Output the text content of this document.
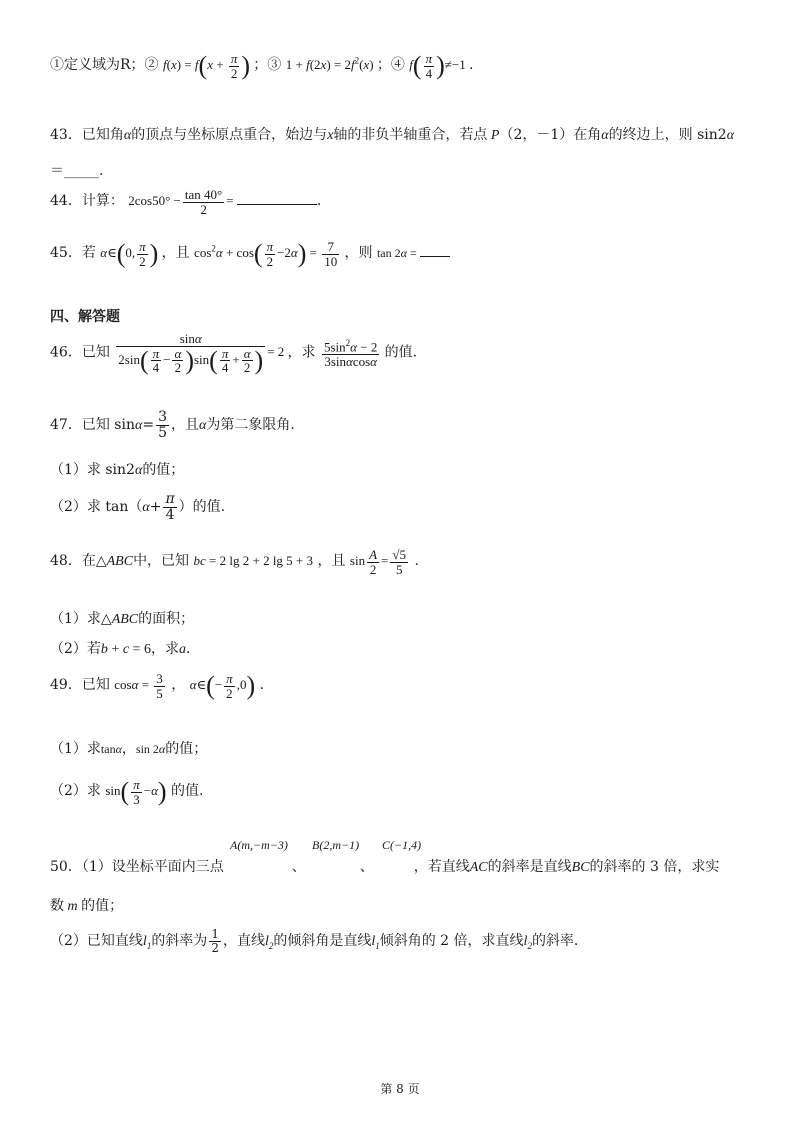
①定义域为R；② $f(x) = f(x + \frac{\pi}{2}$ ) ；③ $1 + f(2x) = 2f^2(x)$ ；④ $f( \frac{\pi}{4} )\ne-1$ .
43．已知角α的顶点与坐标原点重合，始边与x轴的非负半轴重合，若点 P（2，－1）在角α的终边上，则 sin2α
＝_____.
44．计算： $2\cos 50^\circ - \frac{\tan 40^\circ}{2}$ =	.
45．若 α∈(0, $\frac{\pi}{2}$ ) ，且 $\cos^2\alpha + \cos( \frac{\pi}{2} -2\alpha) = \frac{7}{10}$ ，则 tan 2α =
四、解答题
46．已知 $\frac{\sin\alpha}{2\sin( \frac{\pi}{4} - \frac{\alpha}{2} )\sin( \frac{\pi}{4} + \frac{\alpha}{2} )} = 2$ ，求 $\frac{5\sin^2\alpha - 2}{3\sin\alpha\cos\alpha}$ 的值.
47．已知 $\sin\alpha= \frac{3}{5}$ ，且α为第二象限角.
（1）求 sin2α的值；
（2）求 $\tan(\alpha+ \frac{\pi}{4}$ ）的值.
48．在△ABC中，已知 bc = 2 lg 2 + 2 lg 5 + 3 ，且 $\sin \frac{A}{2} = \frac{√5}{5}$ .
（1）求△ABC的面积；
（2）若b + c = 6，求a.
49．已知 $\cos\alpha = \frac{3}{5}$ ， α∈(− $\frac{\pi}{2} ,0$) .
（1）求tanα，sin 2α的值；
（2）求 $\sin( \frac{\pi}{3} -\alpha)$ 的值.
A(m,−m−3) B(2,m−1) C(−1,4)
50．（1）设坐标平面内三点	、	、	，若直线AC的斜率是直线BC的斜率的 3 倍，求实
数 m 的值；
（2）已知直线$l_1$的斜率为 $\frac{1}{2}$ ，直线$l_2$的倾斜角是直线$l_1$倾斜角的 2 倍，求直线$l_2$的斜率.
第 8 页
